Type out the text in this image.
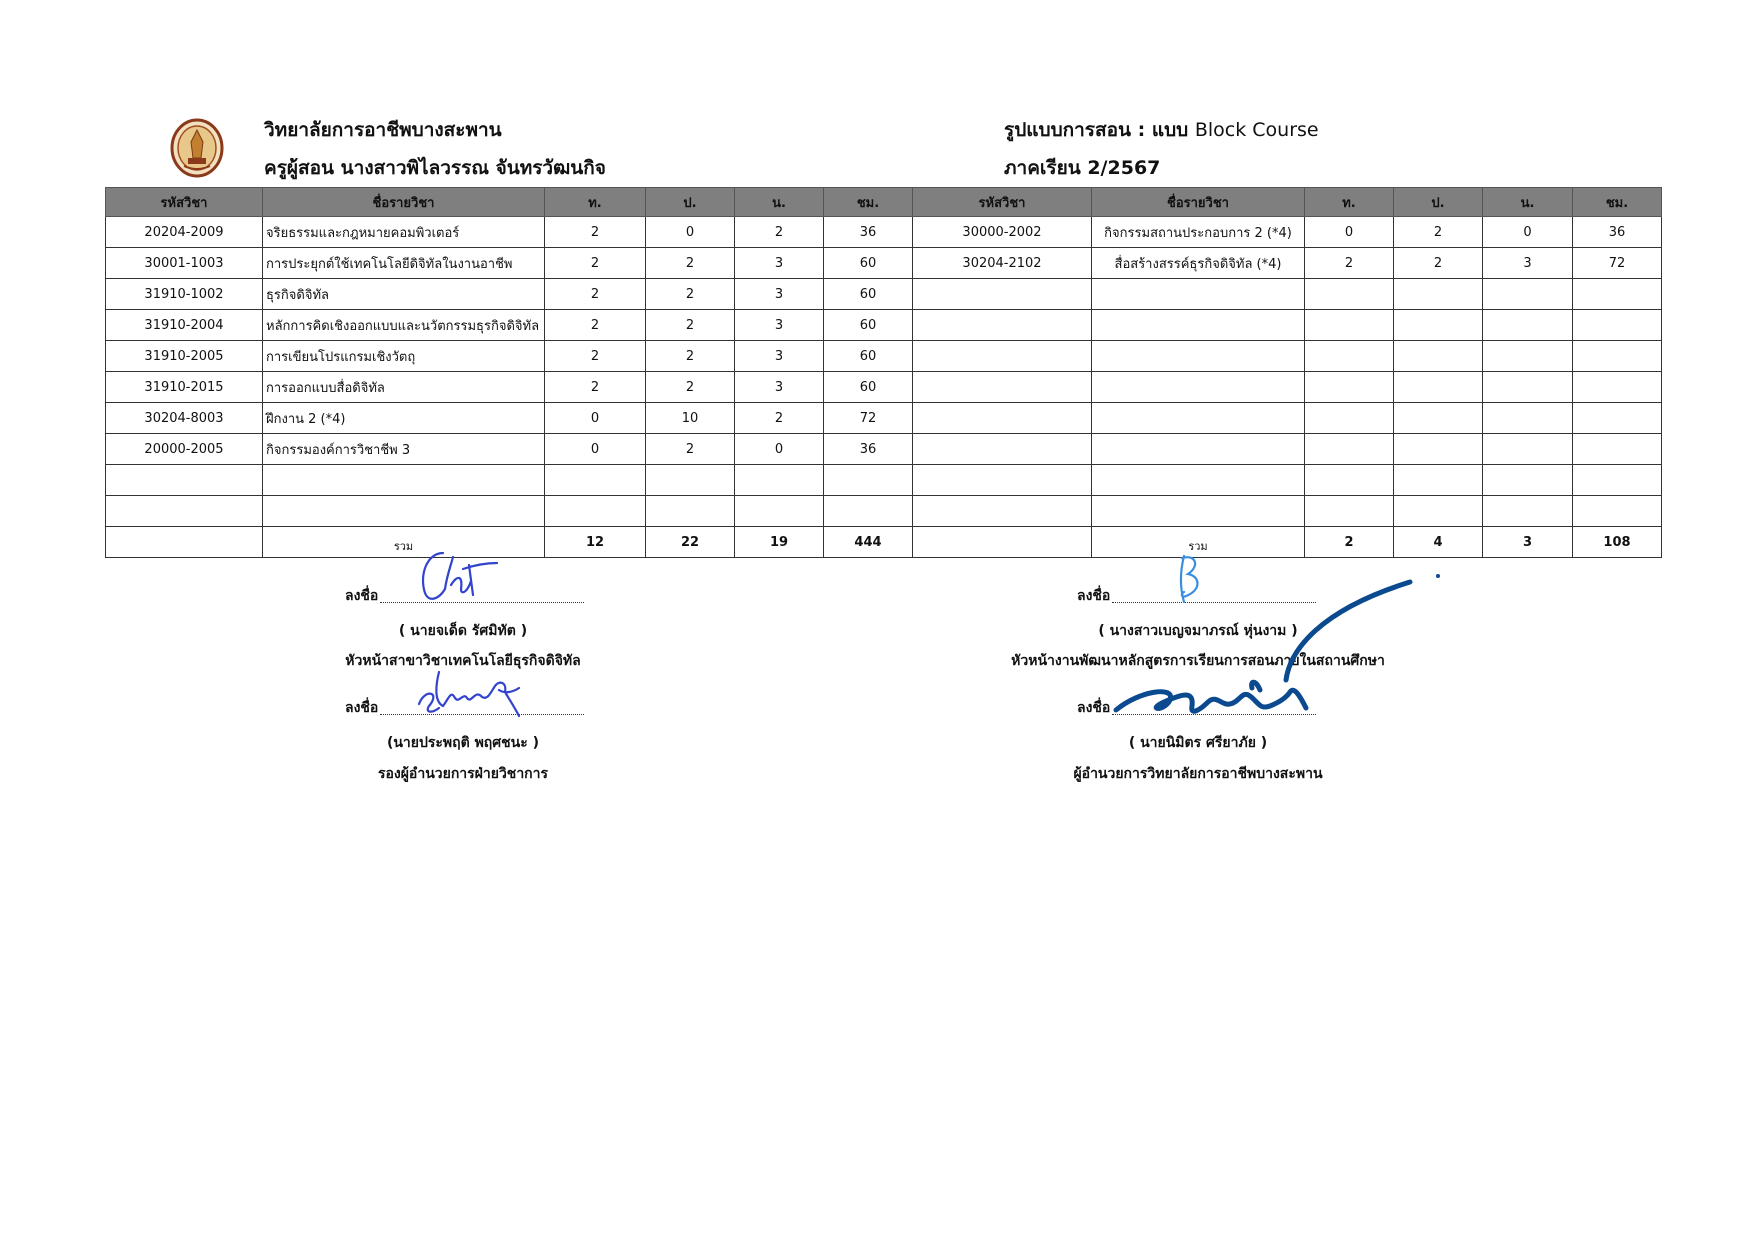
วิทยาลัยการอาชีพบางสะพาน
ครูผู้สอน นางสาวพิไลวรรณ จันทรวัฒนกิจ
รูปแบบการสอน : แบบ Block Course
ภาคเรียน 2/2567
รหัสวิชา	ชื่อรายวิชา	ท.	ป.	น.	ชม.	รหัสวิชา	ชื่อรายวิชา	ท.	ป.	น.	ชม.
20204-2009	จริยธรรมและกฎหมายคอมพิวเตอร์	2	0	2	36	30000-2002	กิจกรรมสถานประกอบการ 2 (*4)	0	2	0	36
30001-1003	การประยุกต์ใช้เทคโนโลยีดิจิทัลในงานอาชีพ	2	2	3	60	30204-2102	สื่อสร้างสรรค์ธุรกิจดิจิทัล (*4)	2	2	3	72
31910-1002	ธุรกิจดิจิทัล	2	2	3	60						
31910-2004	หลักการคิดเชิงออกแบบและนวัตกรรมธุรกิจดิจิทัล	2	2	3	60						
31910-2005	การเขียนโปรแกรมเชิงวัตถุ	2	2	3	60						
31910-2015	การออกแบบสื่อดิจิทัล	2	2	3	60						
30204-8003	ฝึกงาน 2 (*4)	0	10	2	72						
20000-2005	กิจกรรมองค์การวิชาชีพ 3	0	2	0	36						

	รวม	12	22	19	444		รวม	2	4	3	108
ลงชื่อ
( นายจเด็ด รัศมิทัต )
หัวหน้าสาขาวิชาเทคโนโลยีธุรกิจดิจิทัล
ลงชื่อ
(นายประพฤติ พฤศชนะ )
รองผู้อำนวยการฝ่ายวิชาการ
ลงชื่อ
( นางสาวเบญจมาภรณ์ หุ่นงาม )
หัวหน้างานพัฒนาหลักสูตรการเรียนการสอนภายในสถานศึกษา
ลงชื่อ
( นายนิมิตร ศรียาภัย )
ผู้อำนวยการวิทยาลัยการอาชีพบางสะพาน
